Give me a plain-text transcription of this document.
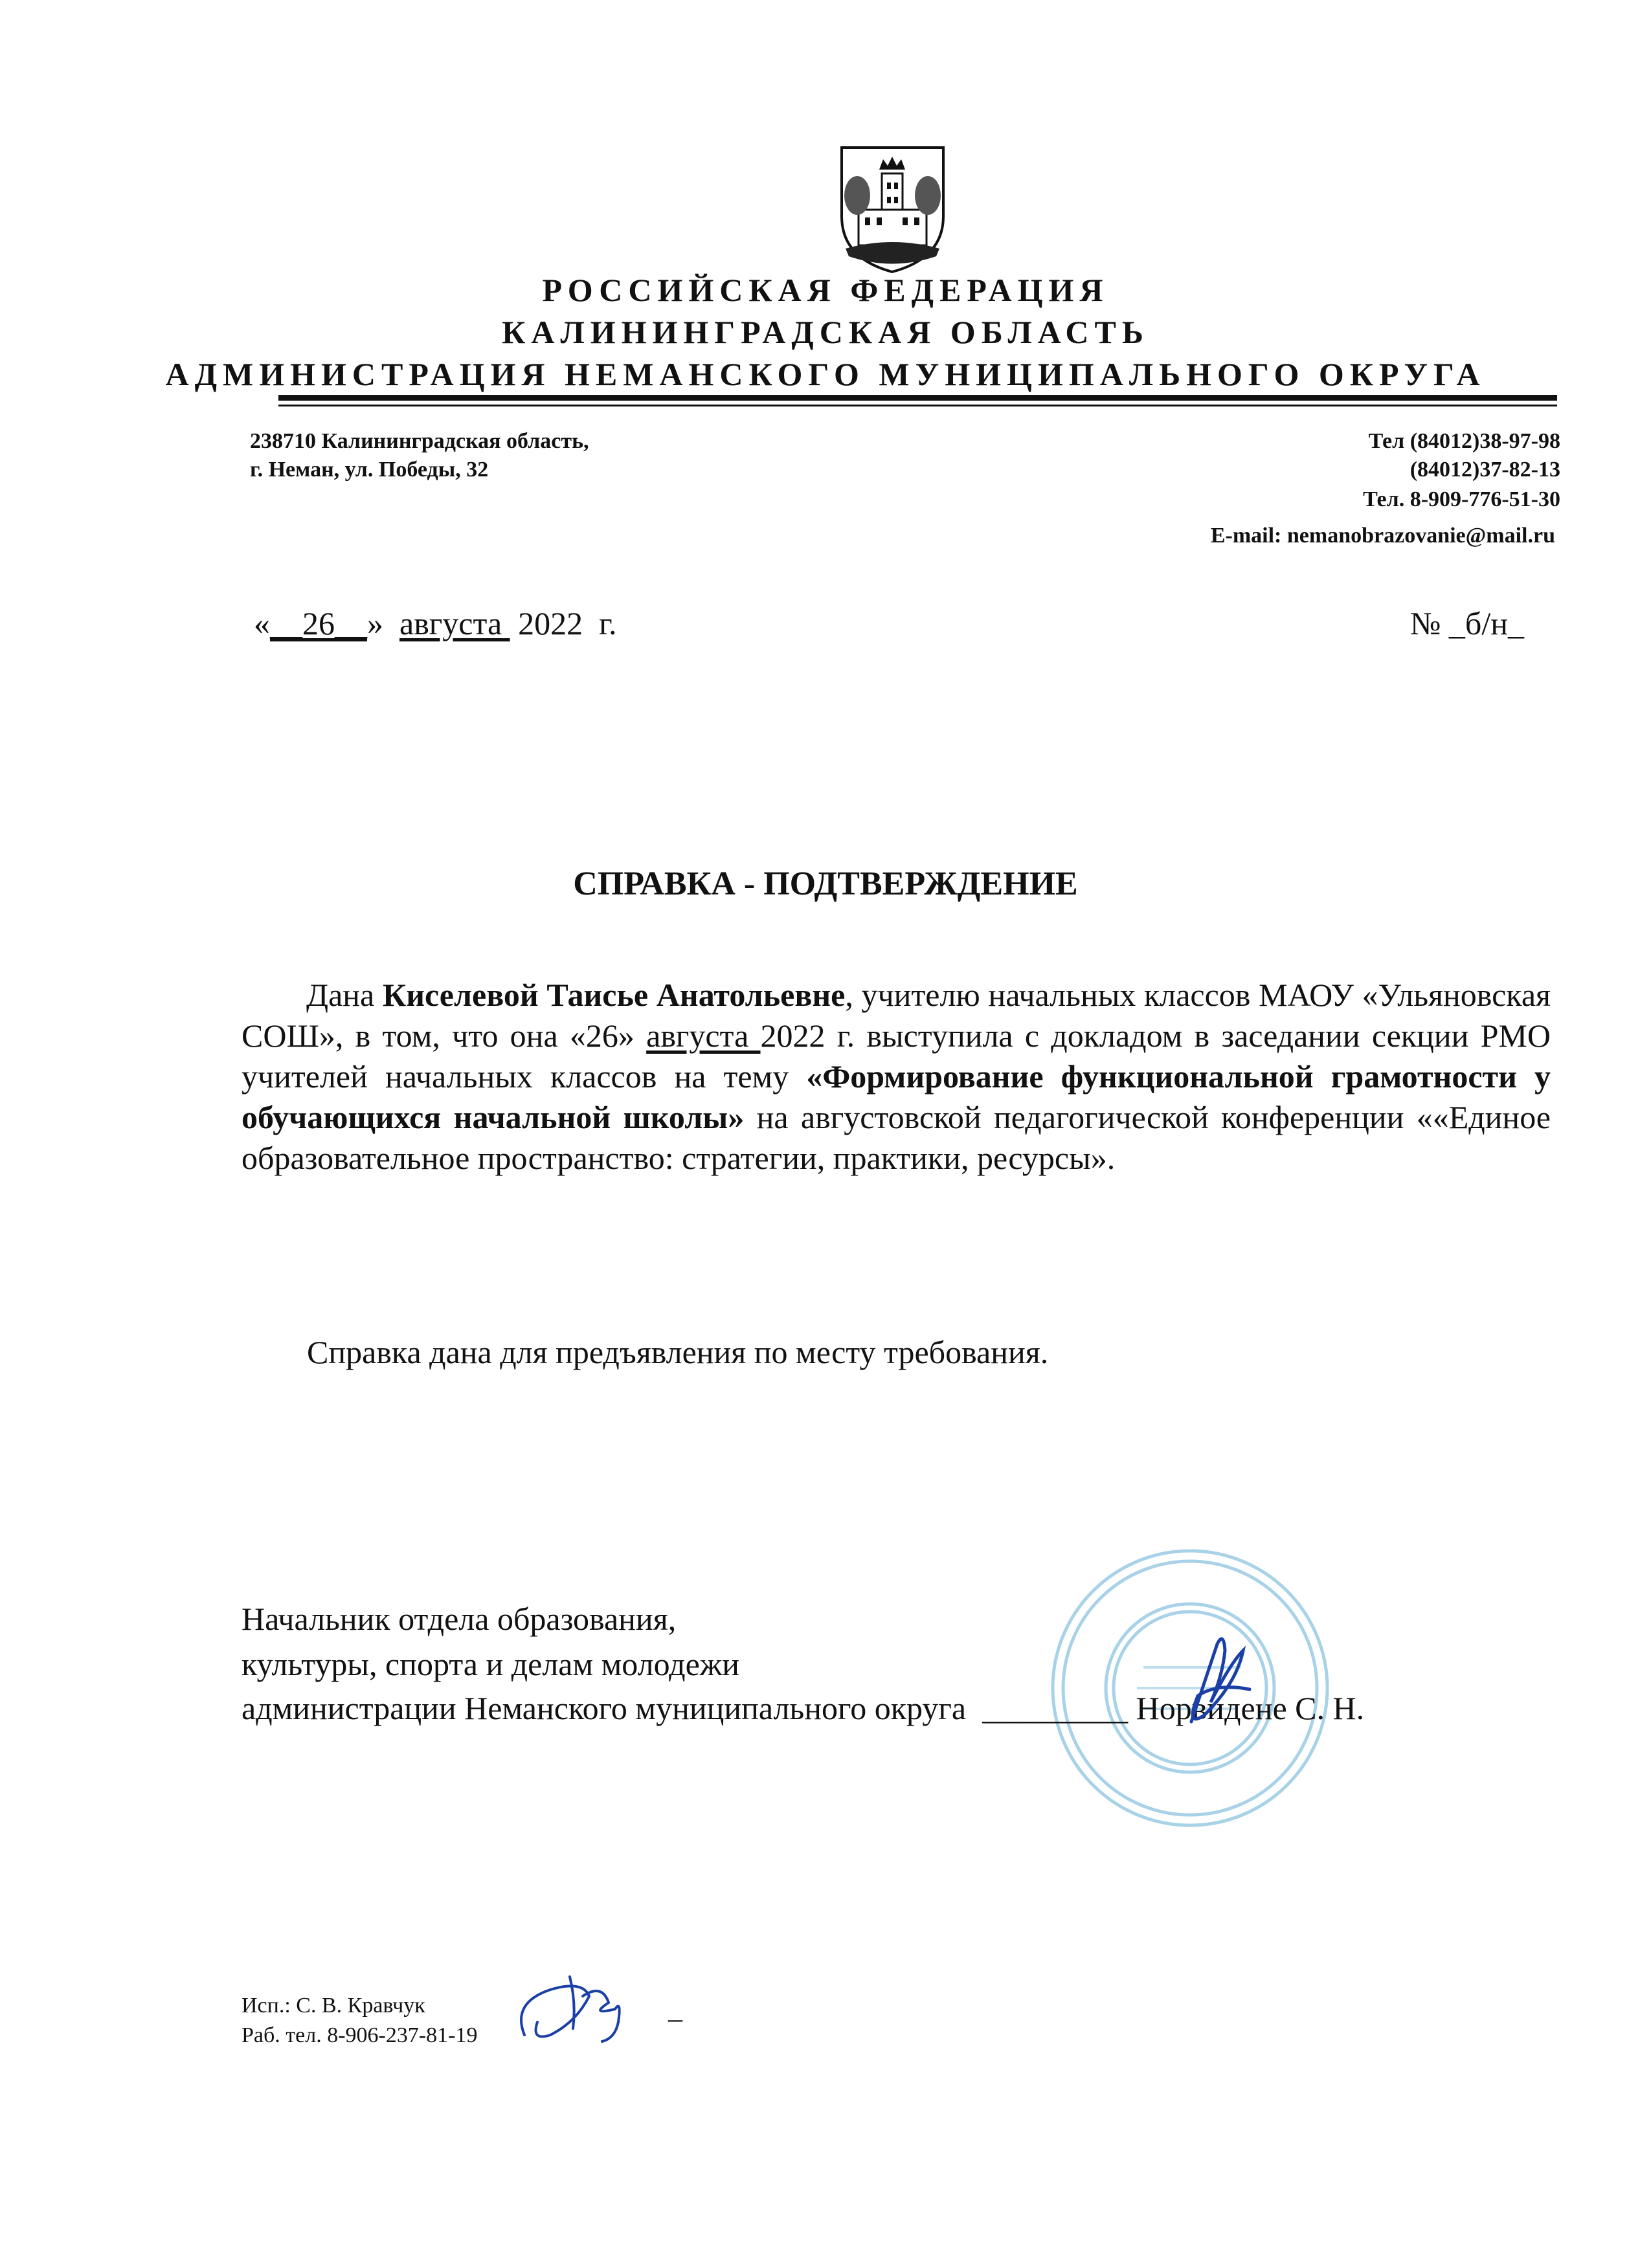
РОССИЙСКАЯ ФЕДЕРАЦИЯ
КАЛИНИНГРАДСКАЯ ОБЛАСТЬ
АДМИНИСТРАЦИЯ НЕМАНСКОГО МУНИЦИПАЛЬНОГО ОКРУГА
238710 Калининградская область,
г. Неман, ул. Победы, 32
Тел (84012)38-97-98
(84012)37-82-13
Тел. 8-909-776-51-30
E-mail: nemanobrazovanie@mail.ru
«__26__» августа  2022  г.	№ _б/н_
СПРАВКА - ПОДТВЕРЖДЕНИЕ
Дана Киселевой Таисье Анатольевне, учителю начальных классов МАОУ «Ульяновская СОШ», в том, что она «26» августа 2022 г. выступила с докладом в заседании секции РМО учителей начальных классов на тему «Формирование функциональной грамотности у обучающихся начальной школы» на августовской педагогической конференции ««Единое образовательное пространство: стратегии, практики, ресурсы».
Справка дана для предъявления по месту требования.
Начальник отдела образования,
культуры, спорта и делам молодежи
администрации Неманского муниципального округа _________ Норвидене С. Н.
Исп.: С. В. Кравчук
Раб. тел. 8-906-237-81-19
–
